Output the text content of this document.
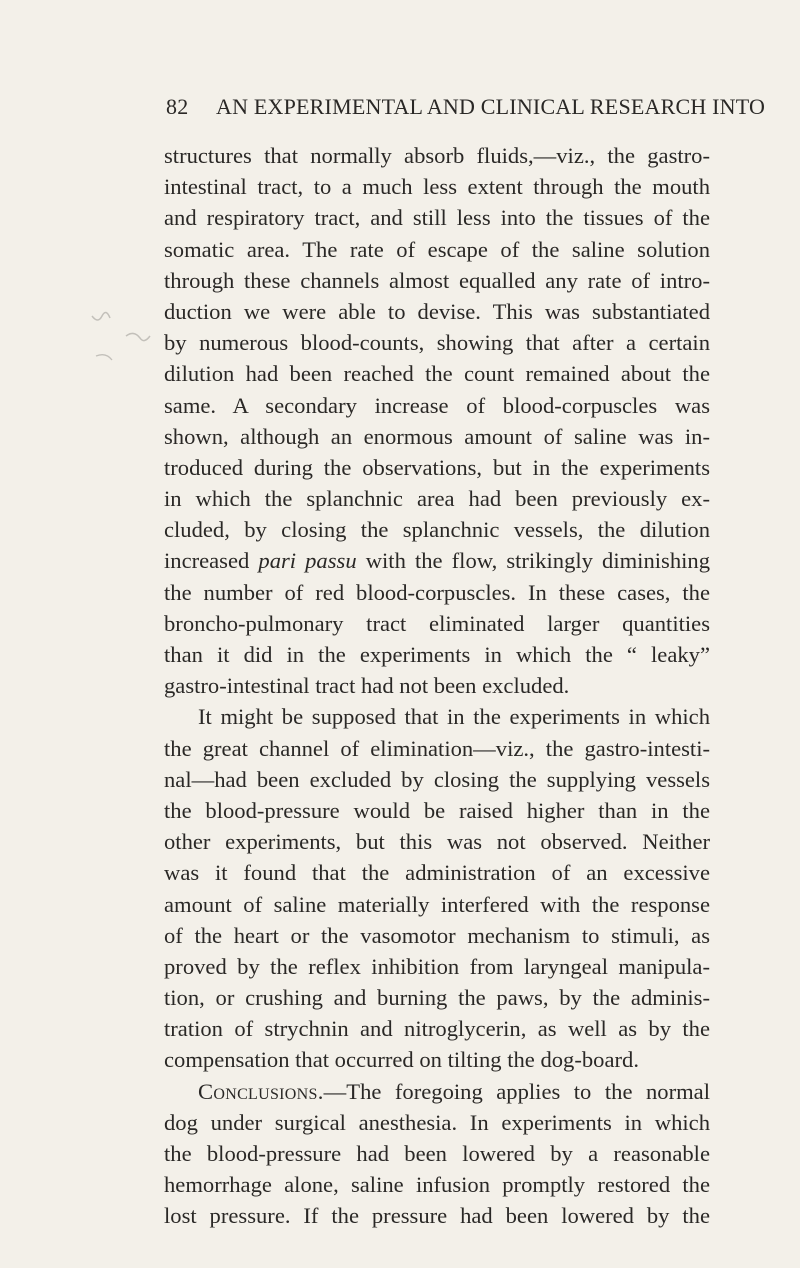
82 AN EXPERIMENTAL AND CLINICAL RESEARCH INTO
structures that normally absorb fluids,—viz., the gastro-
intestinal tract, to a much less extent through the mouth
and respiratory tract, and still less into the tissues of the
somatic area. The rate of escape of the saline solution
through these channels almost equalled any rate of intro-
duction we were able to devise. This was substantiated
by numerous blood-counts, showing that after a certain
dilution had been reached the count remained about the
same. A secondary increase of blood-corpuscles was
shown, although an enormous amount of saline was in-
troduced during the observations, but in the experiments
in which the splanchnic area had been previously ex-
cluded, by closing the splanchnic vessels, the dilution
increased pari passu with the flow, strikingly diminishing
the number of red blood-corpuscles. In these cases, the
broncho-pulmonary tract eliminated larger quantities
than it did in the experiments in which the “ leaky”
gastro-intestinal tract had not been excluded.
It might be supposed that in the experiments in which
the great channel of elimination—viz., the gastro-intesti-
nal—had been excluded by closing the supplying vessels
the blood-pressure would be raised higher than in the
other experiments, but this was not observed. Neither
was it found that the administration of an excessive
amount of saline materially interfered with the response
of the heart or the vasomotor mechanism to stimuli, as
proved by the reflex inhibition from laryngeal manipula-
tion, or crushing and burning the paws, by the adminis-
tration of strychnin and nitroglycerin, as well as by the
compensation that occurred on tilting the dog-board.
Conclusions.—The foregoing applies to the normal
dog under surgical anesthesia. In experiments in which
the blood-pressure had been lowered by a reasonable
hemorrhage alone, saline infusion promptly restored the
lost pressure. If the pressure had been lowered by the
